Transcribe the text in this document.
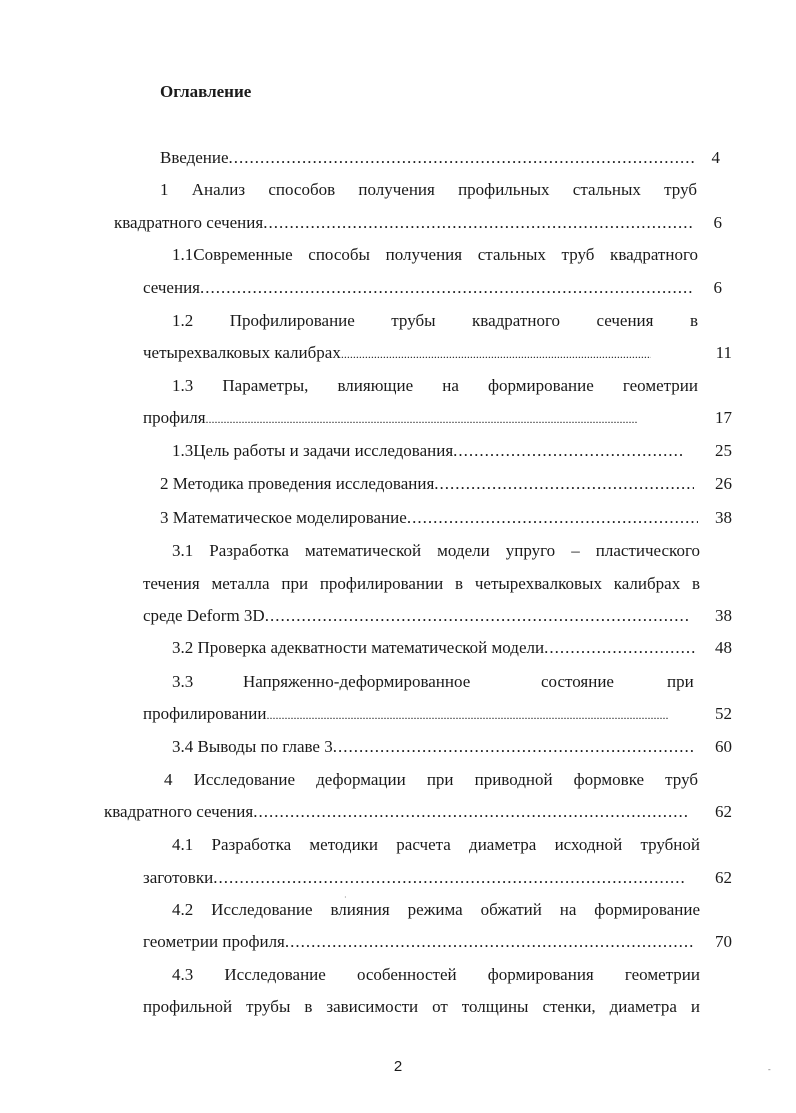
Оглавление
Введение .....	4
1 Анализ способов получения профильных стальных труб
квадратного сечения .....	6
1.1Современные способы получения стальных труб квадратного
сечения .....	6
1.2 Профилирование трубы квадратного сечения в
четырехвалковых калибрах .....	11
1.3 Параметры, влияющие на формирование геометрии
профиля .....	17
1.3Цель работы и задачи исследования .....	25
2 Методика проведения исследования .....	26
3 Математическое моделирование .....	38
3.1 Разработка математической модели упруго – пластического
течения металла при профилировании в четырехвалковых калибрах в
среде Deform 3D .....	38
3.2 Проверка адекватности математической модели .....	48
3.3	Напряженно-деформированное	состояние	при
профилировании .....	52
3.4 Выводы по главе 3 .....	60
4 Исследование деформации при приводной формовке труб
квадратного сечения .....	62
4.1 Разработка методики расчета диаметра исходной трубной
заготовки .....	62
4.2 Исследование влияния режима обжатий на формирование
геометрии профиля .....	70
4.3 Исследование особенностей формирования геометрии
профильной трубы в зависимости от толщины стенки, диаметра и
2
·
-
